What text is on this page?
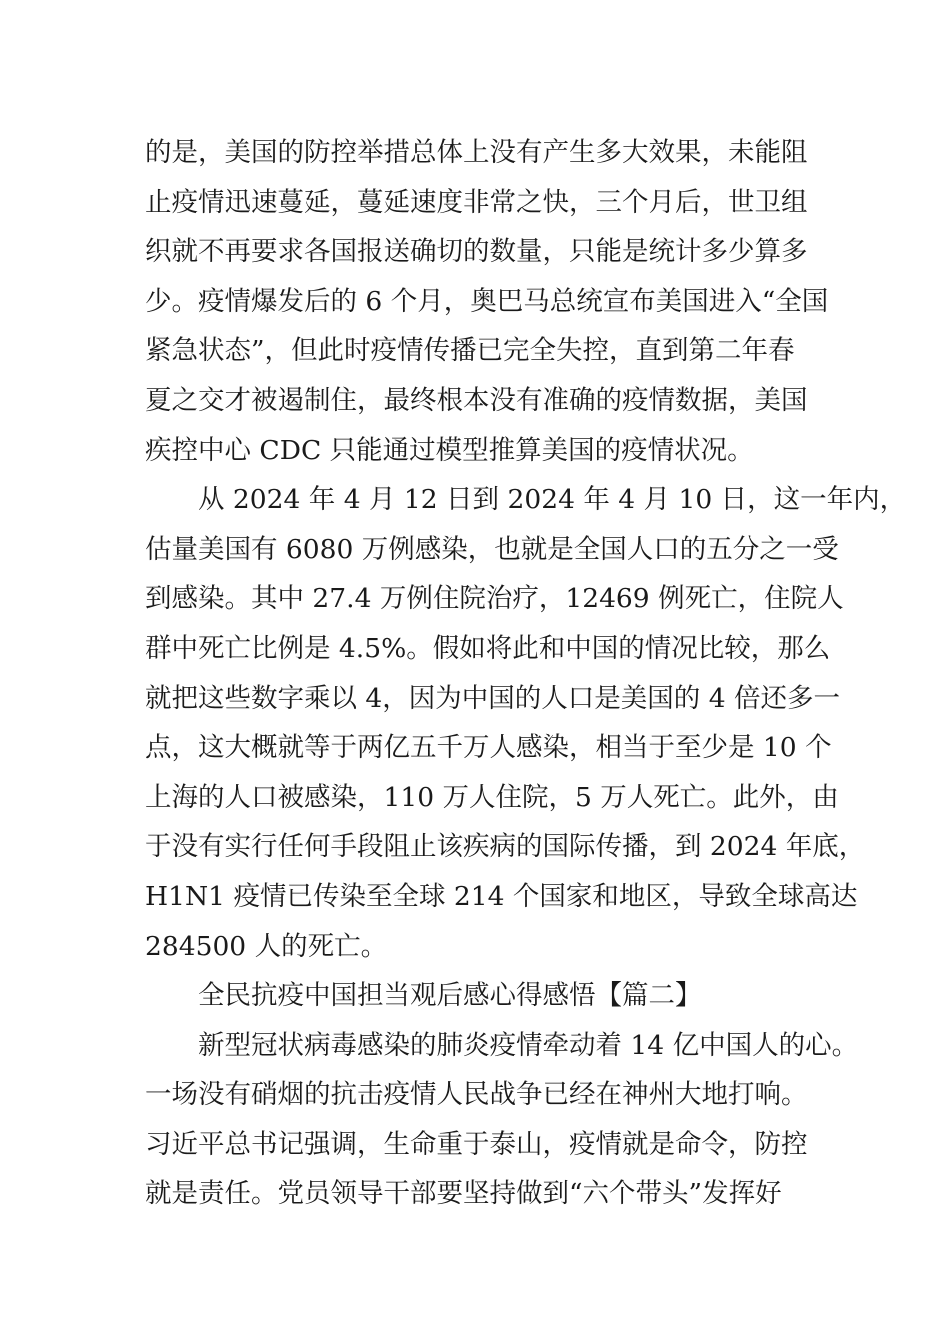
的是，美国的防控举措总体上没有产生多大效果，未能阻
止疫情迅速蔓延，蔓延速度非常之快，三个月后，世卫组
织就不再要求各国报送确切的数量，只能是统计多少算多
少。疫情爆发后的 6 个月，奥巴马总统宣布美国进入“全国
紧急状态”，但此时疫情传播已完全失控，直到第二年春
夏之交才被遏制住，最终根本没有准确的疫情数据，美国
疾控中心 CDC 只能通过模型推算美国的疫情状况。
从 2024 年 4 月 12 日到 2024 年 4 月 10 日，这一年内，
估量美国有 6080 万例感染，也就是全国人口的五分之一受
到感染。其中 27.4 万例住院治疗，12469 例死亡，住院人
群中死亡比例是 4.5%。假如将此和中国的情况比较，那么
就把这些数字乘以 4，因为中国的人口是美国的 4 倍还多一
点，这大概就等于两亿五千万人感染，相当于至少是 10 个
上海的人口被感染，110 万人住院，5 万人死亡。此外，由
于没有实行任何手段阻止该疾病的国际传播，到 2024 年底，
H1N1 疫情已传染至全球 214 个国家和地区，导致全球高达
284500 人的死亡。
全民抗疫中国担当观后感心得感悟【篇二】
新型冠状病毒感染的肺炎疫情牵动着 14 亿中国人的心。
一场没有硝烟的抗击疫情人民战争已经在神州大地打响。
习近平总书记强调，生命重于泰山，疫情就是命令，防控
就是责任。党员领导干部要坚持做到“六个带头”发挥好
